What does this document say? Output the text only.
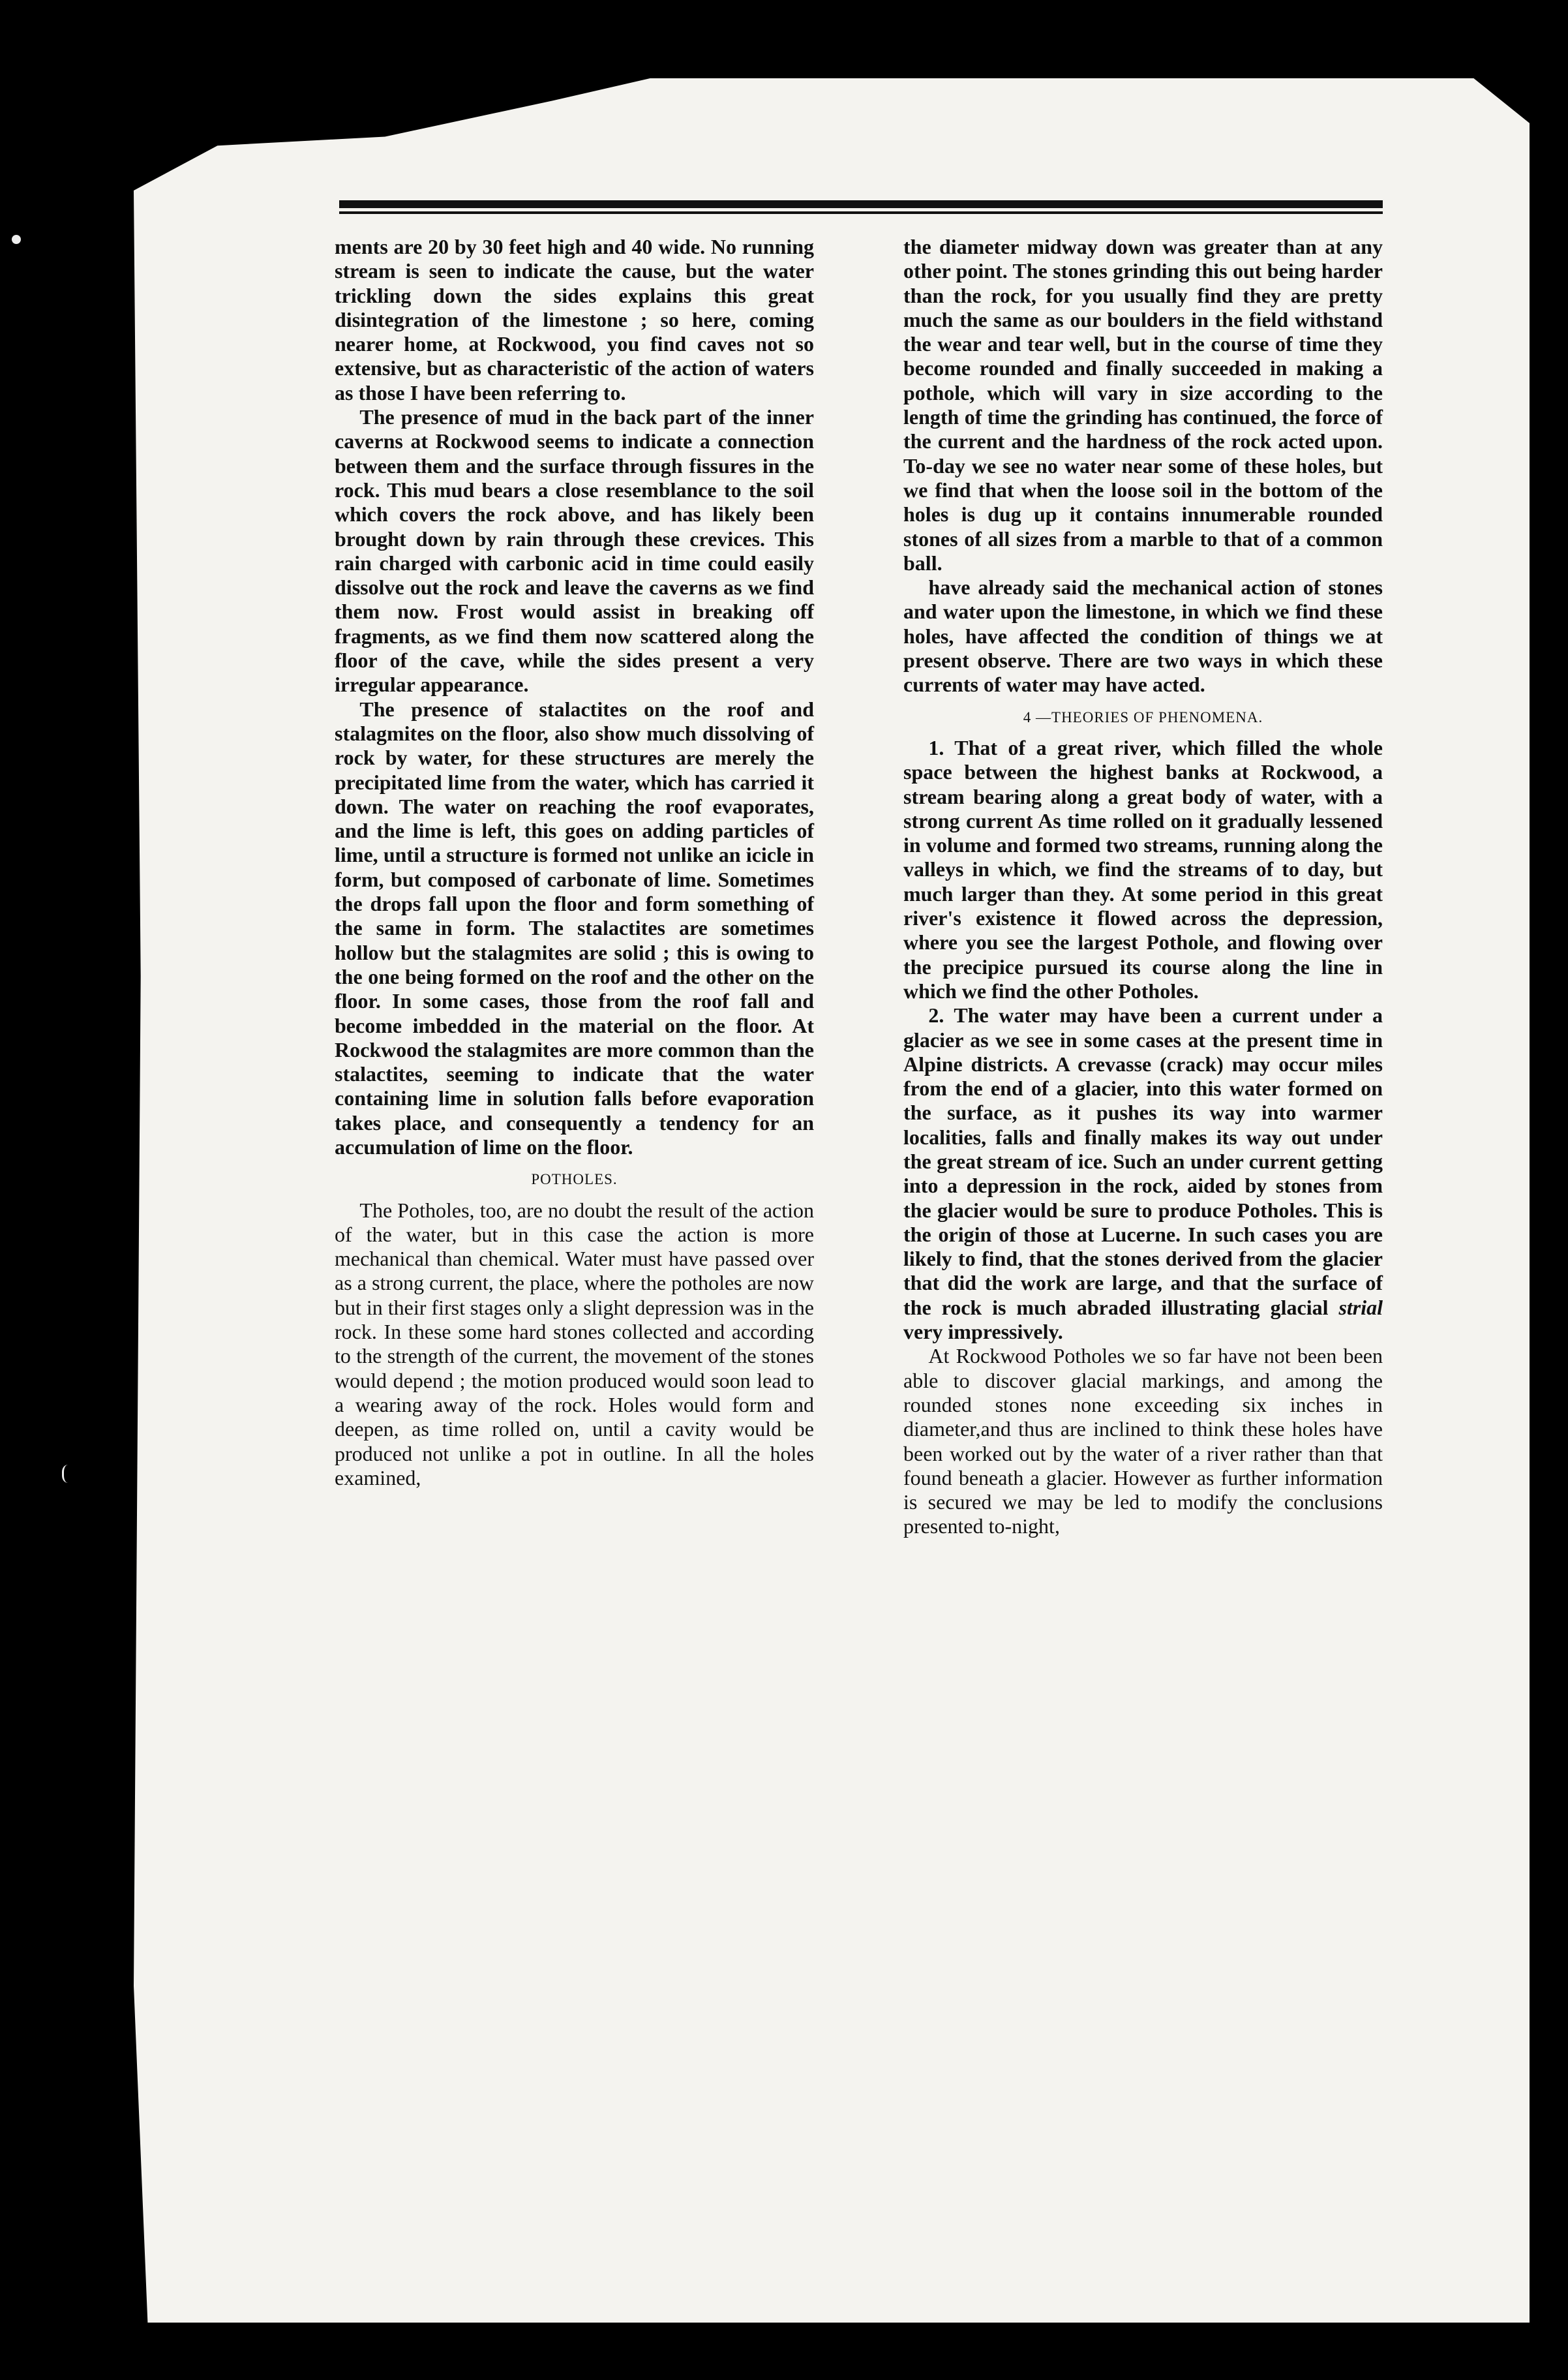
ments are 20 by 30 feet high and 40 wide. No running stream is seen to indicate the cause, but the water trickling down the sides explains this great disintegration of the limestone ; so here, coming nearer home, at Rockwood, you find caves not so extensive, but as characteristic of the action of waters as those I have been referring to.

The presence of mud in the back part of the inner caverns at Rockwood seems to indicate a connection between them and the surface through fissures in the rock. This mud bears a close resemblance to the soil which covers the rock above, and has likely been brought down by rain through these crevices. This rain charged with carbonic acid in time could easily dissolve out the rock and leave the caverns as we find them now. Frost would assist in breaking off fragments, as we find them now scattered along the floor of the cave, while the sides present a very irregular appearance.

The presence of stalactites on the roof and stalagmites on the floor, also show much dissolving of rock by water, for these structures are merely the precipitated lime from the water, which has carried it down. The water on reaching the roof evaporates, and the lime is left, this goes on adding particles of lime, until a structure is formed not unlike an icicle in form, but composed of carbonate of lime. Sometimes the drops fall upon the floor and form something of the same in form. The stalactites are sometimes hollow but the stalagmites are solid ; this is owing to the one being formed on the roof and the other on the floor. In some cases, those from the roof fall and become imbedded in the material on the floor. At Rockwood the stalagmites are more common than the stalactites, seeming to indicate that the water containing lime in solution falls before evaporation takes place, and consequently a tendency for an accumulation of lime on the floor.

POTHOLES.

The Potholes, too, are no doubt the result of the action of the water, but in this case the action is more mechanical than chemical. Water must have passed over as a strong current, the place, where the potholes are now but in their first stages only a slight depression was in the rock. In these some hard stones collected and according to the strength of the current, the movement of the stones would depend ; the motion produced would soon lead to a wearing away of the rock. Holes would form and deepen, as time rolled on, until a cavity would be produced not unlike a pot in outline. In all the holes examined,

the diameter midway down was greater than at any other point. The stones grinding this out being harder than the rock, for you usually find they are pretty much the same as our boulders in the field withstand the wear and tear well, but in the course of time they become rounded and finally succeeded in making a pothole, which will vary in size according to the length of time the grinding has continued, the force of the current and the hardness of the rock acted upon. To-day we see no water near some of these holes, but we find that when the loose soil in the bottom of the holes is dug up it contains innumerable rounded stones of all sizes from a marble to that of a common ball.

have already said the mechanical action of stones and water upon the limestone, in which we find these holes, have affected the condition of things we at present observe. There are two ways in which these currents of water may have acted.

4 —THEORIES OF PHENOMENA.

1. That of a great river, which filled the whole space between the highest banks at Rockwood, a stream bearing along a great body of water, with a strong current As time rolled on it gradually lessened in volume and formed two streams, running along the valleys in which, we find the streams of to day, but much larger than they. At some period in this great river's existence it flowed across the depression, where you see the largest Pothole, and flowing over the precipice pursued its course along the line in which we find the other Potholes.

2. The water may have been a current under a glacier as we see in some cases at the present time in Alpine districts. A crevasse (crack) may occur miles from the end of a glacier, into this water formed on the surface, as it pushes its way into warmer localities, falls and finally makes its way out under the great stream of ice. Such an under current getting into a depression in the rock, aided by stones from the glacier would be sure to produce Potholes. This is the origin of those at Lucerne. In such cases you are likely to find, that the stones derived from the glacier that did the work are large, and that the surface of the rock is much abraded illustrating glacial strial very impressively.

At Rockwood Potholes we so far have not been been able to discover glacial markings, and among the rounded stones none exceeding six inches in diameter,and thus are inclined to think these holes have been worked out by the water of a river rather than that found beneath a glacier. However as further information is secured we may be led to modify the conclusions presented to-night,
